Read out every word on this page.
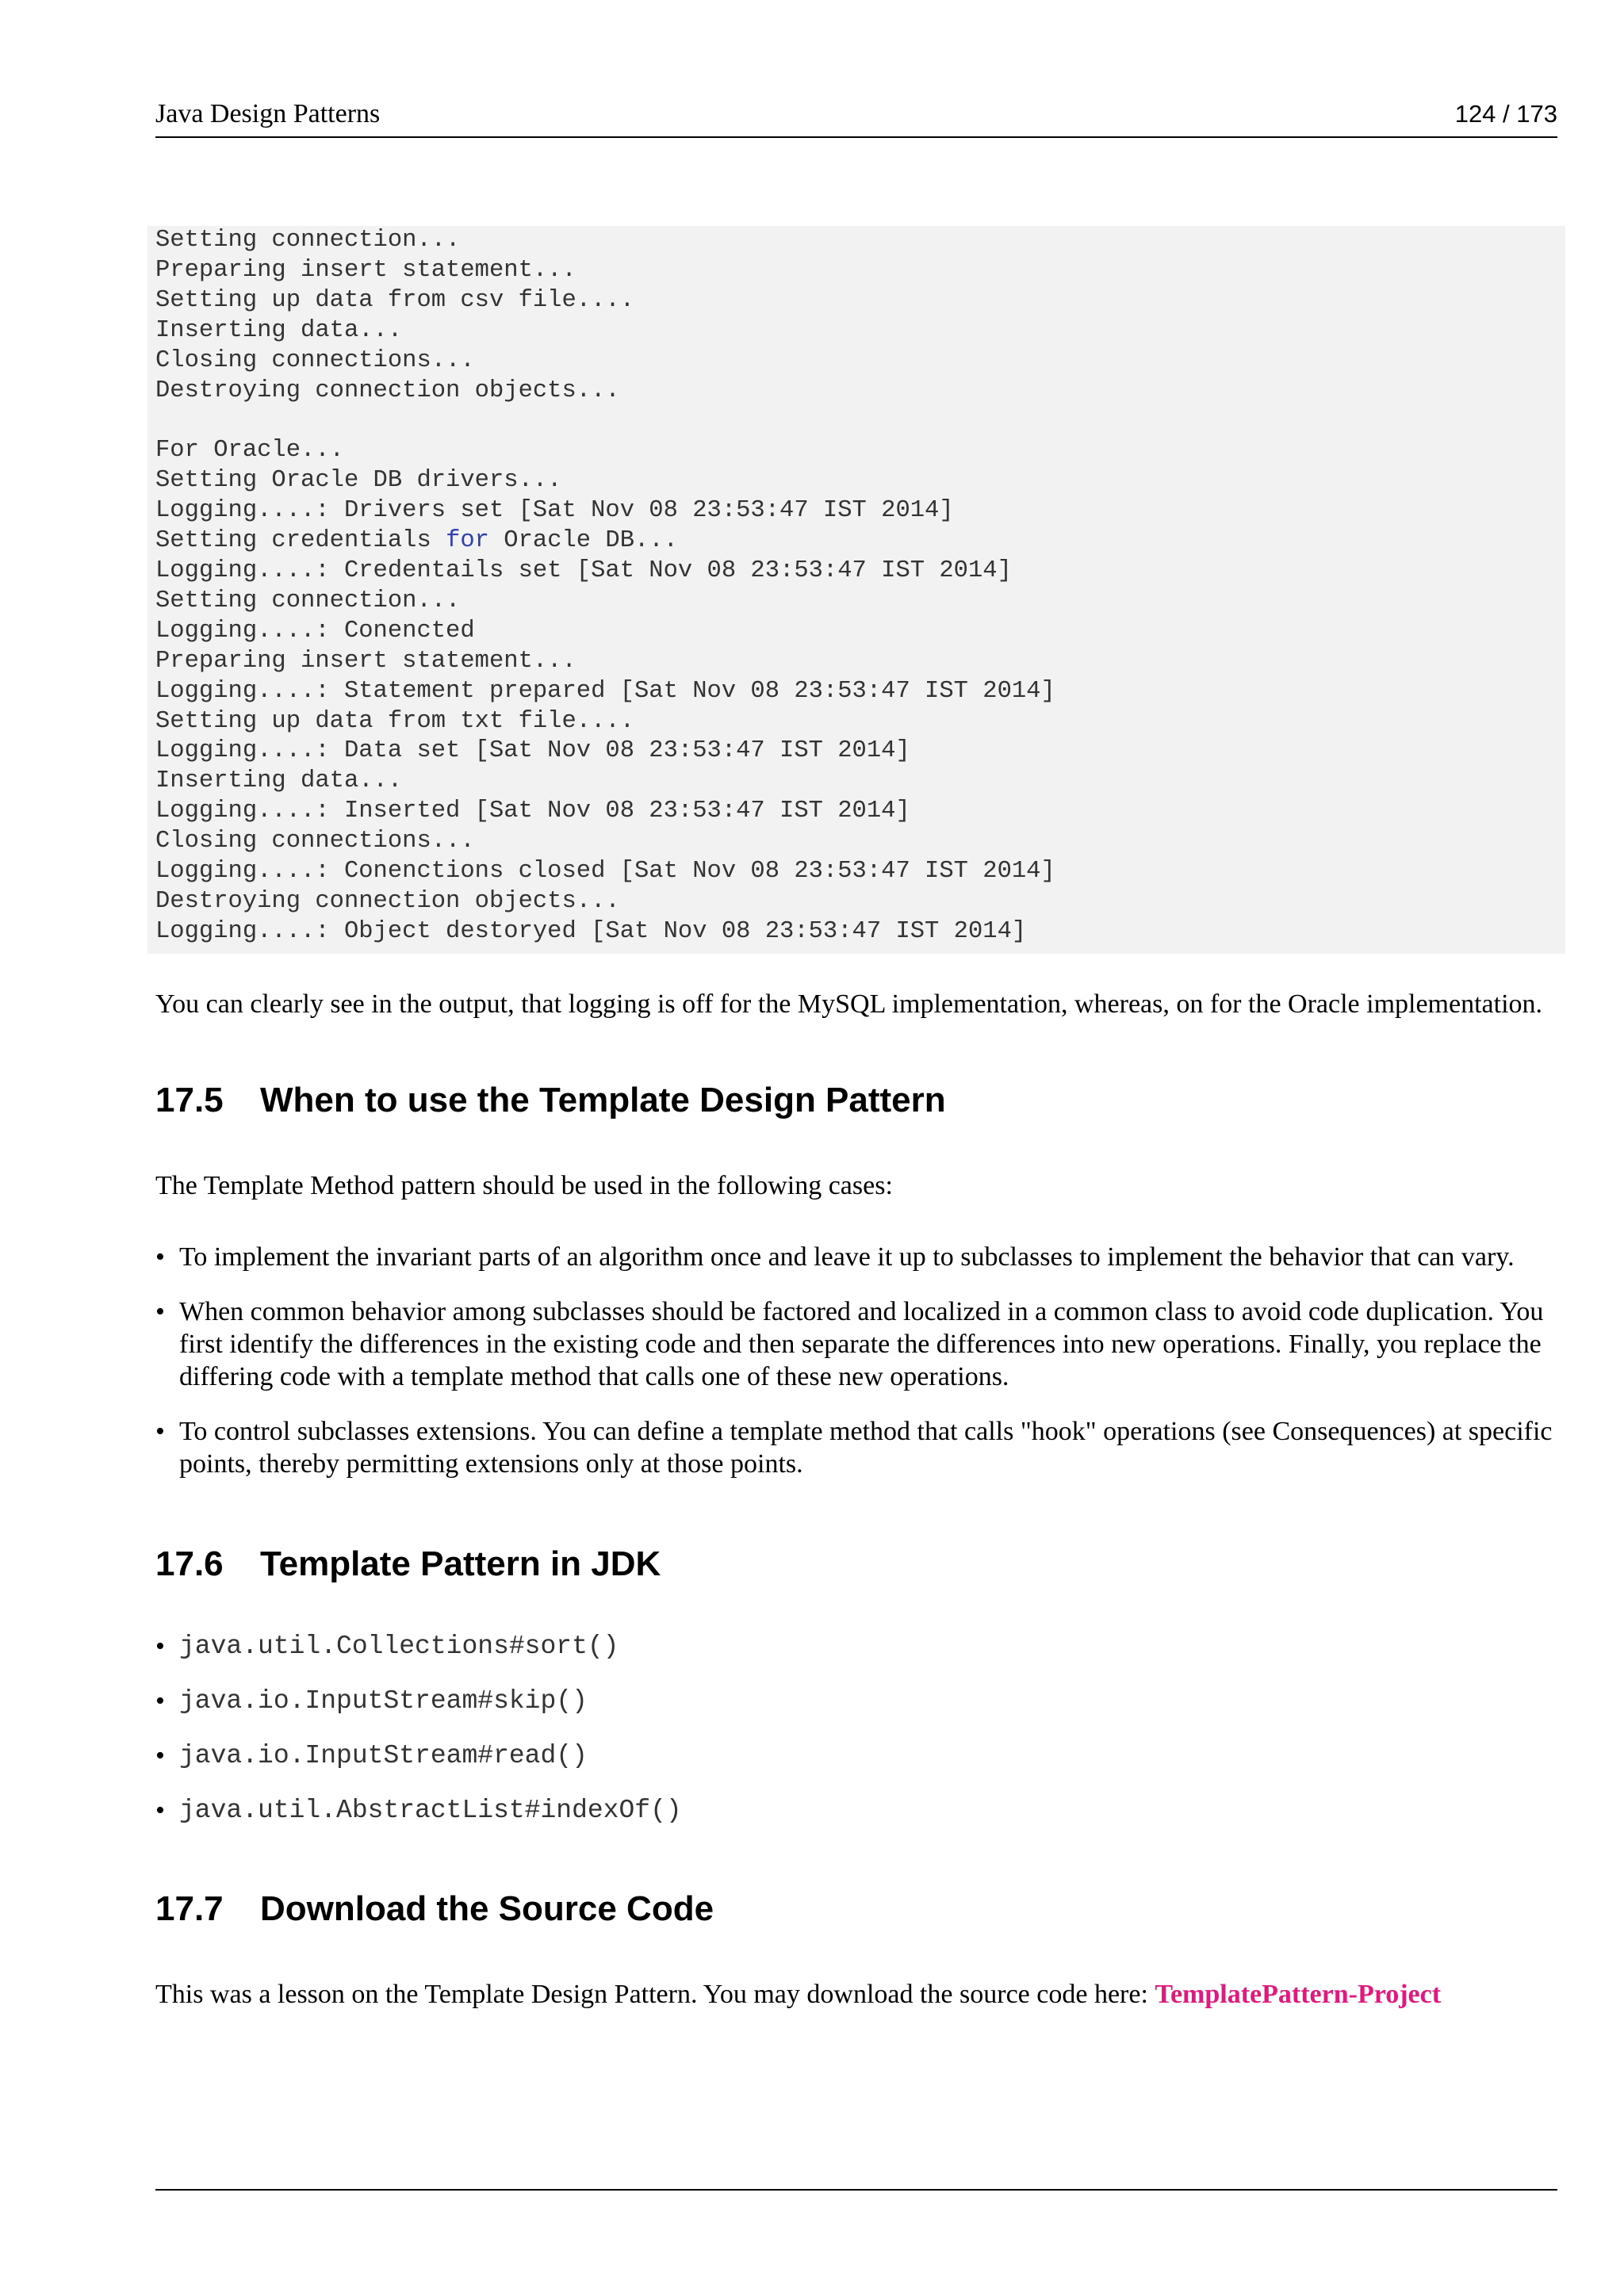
Java Design Patterns	124 / 173
Setting connection...
Preparing insert statement...
Setting up data from csv file....
Inserting data...
Closing connections...
Destroying connection objects...

For Oracle...
Setting Oracle DB drivers...
Logging....: Drivers set [Sat Nov 08 23:53:47 IST 2014]
Setting credentials for Oracle DB...
Logging....: Credentails set [Sat Nov 08 23:53:47 IST 2014]
Setting connection...
Logging....: Conencted
Preparing insert statement...
Logging....: Statement prepared [Sat Nov 08 23:53:47 IST 2014]
Setting up data from txt file....
Logging....: Data set [Sat Nov 08 23:53:47 IST 2014]
Inserting data...
Logging....: Inserted [Sat Nov 08 23:53:47 IST 2014]
Closing connections...
Logging....: Conenctions closed [Sat Nov 08 23:53:47 IST 2014]
Destroying connection objects...
Logging....: Object destoryed [Sat Nov 08 23:53:47 IST 2014]

You can clearly see in the output, that logging is off for the MySQL implementation, whereas, on for the Oracle implementation.

17.5 When to use the Template Design Pattern

The Template Method pattern should be used in the following cases:

• To implement the invariant parts of an algorithm once and leave it up to subclasses to implement the behavior that can vary.
• When common behavior among subclasses should be factored and localized in a common class to avoid code duplication. You first identify the differences in the existing code and then separate the differences into new operations. Finally, you replace the differing code with a template method that calls one of these new operations.
• To control subclasses extensions. You can define a template method that calls "hook" operations (see Consequences) at specific points, thereby permitting extensions only at those points.
17.6 Template Pattern in JDK
• java.util.Collections#sort()
• java.io.InputStream#skip()
• java.io.InputStream#read()
• java.util.AbstractList#indexOf()
17.7 Download the Source Code

This was a lesson on the Template Design Pattern. You may download the source code here: TemplatePattern-Project
